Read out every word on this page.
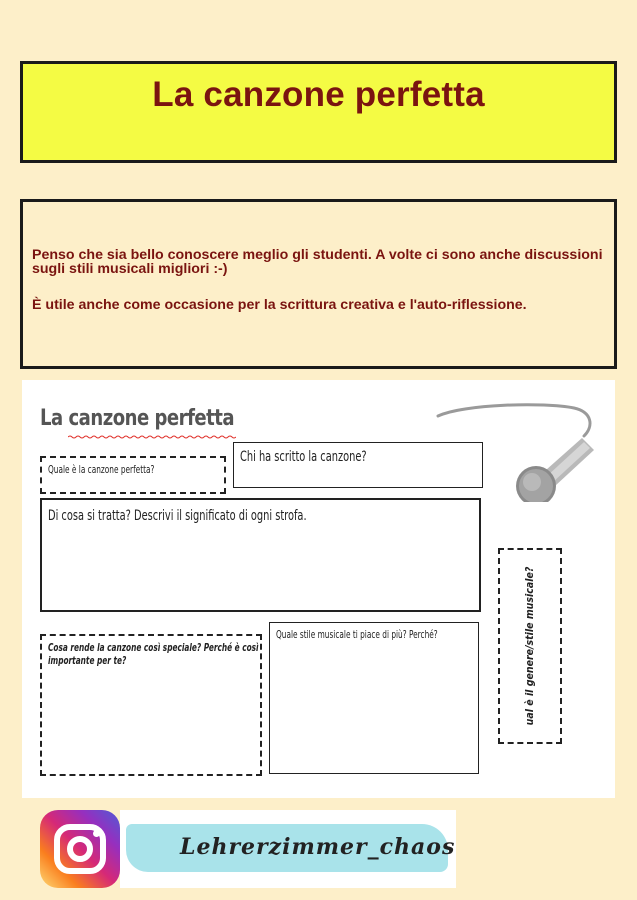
La canzone perfetta

Penso che sia bello conoscere meglio gli studenti. A volte ci sono anche discussioni sugli stili musicali migliori :-)

È utile anche come occasione per la scrittura creativa e l'auto-riflessione.

La canzone perfetta
Quale è la canzone perfetta?
Chi ha scritto la canzone?
Di cosa si tratta? Descrivi il significato di ogni strofa.
Cosa rende la canzone così speciale? Perché è così importante per te?
Quale stile musicale ti piace di più? Perché?	ual è il genere/stile musicale?
Lehrerzimmer_chaos
